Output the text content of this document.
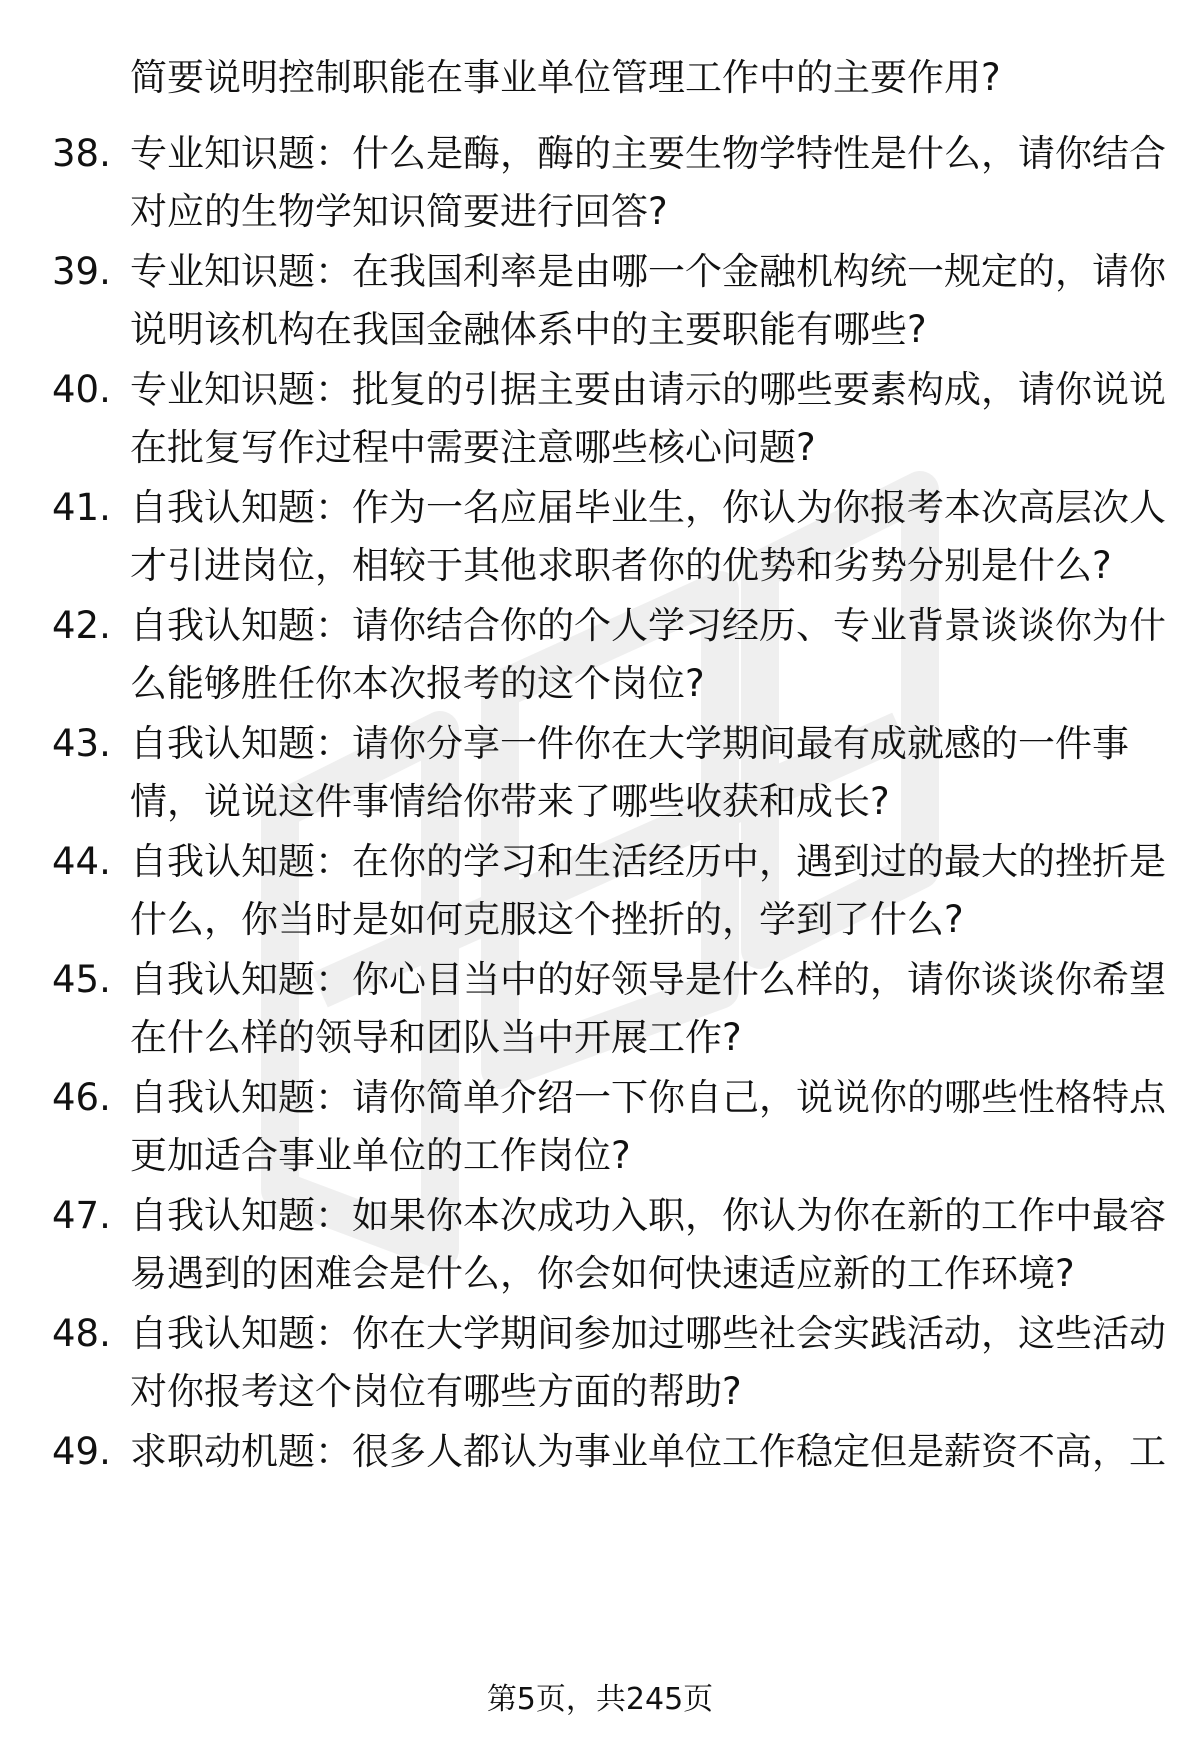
简要说明控制职能在事业单位管理工作中的主要作用?
38. 专业知识题：什么是酶，酶的主要生物学特性是什么，请你结合
对应的生物学知识简要进行回答?
39. 专业知识题：在我国利率是由哪一个金融机构统一规定的，请你
说明该机构在我国金融体系中的主要职能有哪些?
40. 专业知识题：批复的引据主要由请示的哪些要素构成，请你说说
在批复写作过程中需要注意哪些核心问题?
41. 自我认知题：作为一名应届毕业生，你认为你报考本次高层次人
才引进岗位，相较于其他求职者你的优势和劣势分别是什么?
42. 自我认知题：请你结合你的个人学习经历、专业背景谈谈你为什
么能够胜任你本次报考的这个岗位?
43. 自我认知题：请你分享一件你在大学期间最有成就感的一件事
情，说说这件事情给你带来了哪些收获和成长?
44. 自我认知题：在你的学习和生活经历中，遇到过的最大的挫折是
什么，你当时是如何克服这个挫折的，学到了什么?
45. 自我认知题：你心目当中的好领导是什么样的，请你谈谈你希望
在什么样的领导和团队当中开展工作?
46. 自我认知题：请你简单介绍一下你自己，说说你的哪些性格特点
更加适合事业单位的工作岗位?
47. 自我认知题：如果你本次成功入职，你认为你在新的工作中最容
易遇到的困难会是什么，你会如何快速适应新的工作环境?
48. 自我认知题：你在大学期间参加过哪些社会实践活动，这些活动
对你报考这个岗位有哪些方面的帮助?
49. 求职动机题：很多人都认为事业单位工作稳定但是薪资不高，工
第5页，共245页
